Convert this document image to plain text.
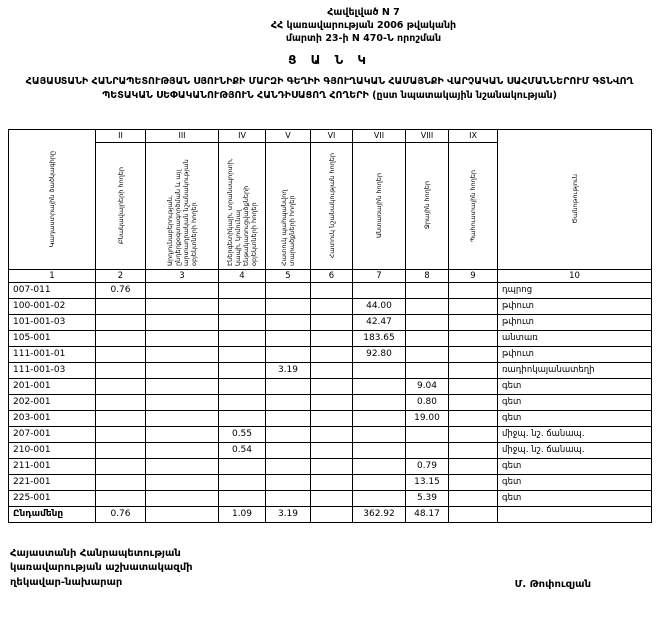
Հավելված N 7
ՀՀ կառավարության 2006 թվականի
մարտի 23-ի N 470-Ն որոշման
Ց Ա Ն Կ
ՀԱՅԱՍՏԱՆԻ ՀԱՆՐԱՊԵՏՈՒԹՅԱՆ ՍՅՈՒՆԻՔԻ ՄԱՐԶԻ ԳԵՂԻԻ ԳՅՈՒՂԱԿԱՆ ՀԱՄԱՅՆՔԻ ՎԱՐՉԱԿԱՆ ՍԱՀՄԱՆՆԵՐՈՒՄ ԳՏՆՎՈՂ ՊԵՏԱԿԱՆ ՍԵՓԱԿԱՆՈՒԹՅՈՒՆ ՀԱՆԴԻՍԱՑՈՂ ՀՈՂԵՐԻ (ըստ նպատակային նշանակության)
Կադաստրային ծածկագիրը	II	III	IV	V	VI	VII	VIII	IX	Ծանոթություն

	Բնակավայրերի հողեր	Արդյունաբերության, ընդերքօգտագործման և այլ արտադրական նշանակության օբյեկտների հողեր	Էներգետիկայի, տրանսպորտի, կապի, կոմունալ ենթակառուցվածքների օբյեկտների հողեր	Հատուկ պահպանվող տարածքների հողեր	Հատուկ նշանակության հողեր	Անտառային հողեր	Ջրային հողեր	Պահուստային հողեր	

1	2	3	4	5	6	7	8	9	10
007-011	0.76								դպրոց
100-001-02						44.00			թփուտ
101-001-03						42.47			թփուտ
105-001						183.65			անտառ
111-001-01						92.80			թփուտ
111-001-03				3.19					ռադիոկայանատեղի
201-001							9.04		գետ
202-001							0.80		գետ
203-001							19.00		գետ
207-001			0.55						միջպ. նշ. ճանապ.
210-001			0.54						միջպ. նշ. ճանապ.
211-001							0.79		գետ
221-001							13.15		գետ
225-001							5.39		գետ
Ընդամենը	0.76		1.09	3.19		362.92	48.17		
Հայաստանի Հանրապետության
կառավարության աշխատակազմի
ղեկավար-նախարար	Մ. Թոփուզյան
